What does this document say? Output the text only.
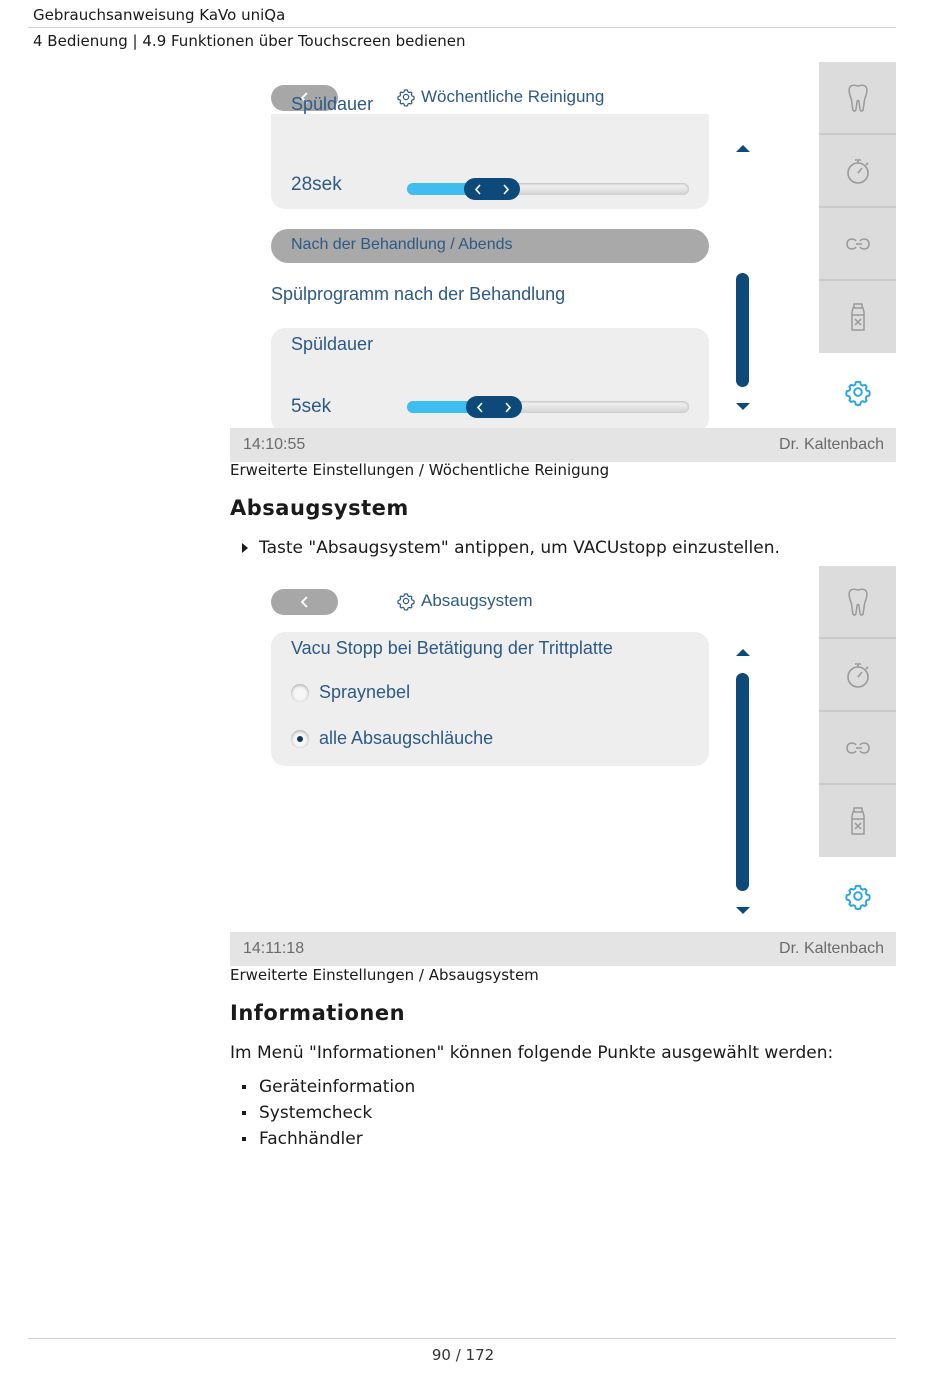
Gebrauchsanweisung KaVo uniQa
4 Bedienung | 4.9 Funktionen über Touchscreen bedienen
Wöchentliche Reinigung
Spüldauer
28sek
Nach der Behandlung / Abends
Spülprogramm nach der Behandlung
Spüldauer
5sek
14:10:55	Dr. Kaltenbach
Erweiterte Einstellungen / Wöchentliche Reinigung
Absaugsystem
Taste "Absaugsystem" antippen, um VACUstopp einzustellen.
Absaugsystem
Vacu Stopp bei Betätigung der Trittplatte
Spraynebel
alle Absaugschläuche
14:11:18	Dr. Kaltenbach
Erweiterte Einstellungen / Absaugsystem
Informationen
Im Menü "Informationen" können folgende Punkte ausgewählt werden:
Geräteinformation
Systemcheck
Fachhändler
90 / 172
